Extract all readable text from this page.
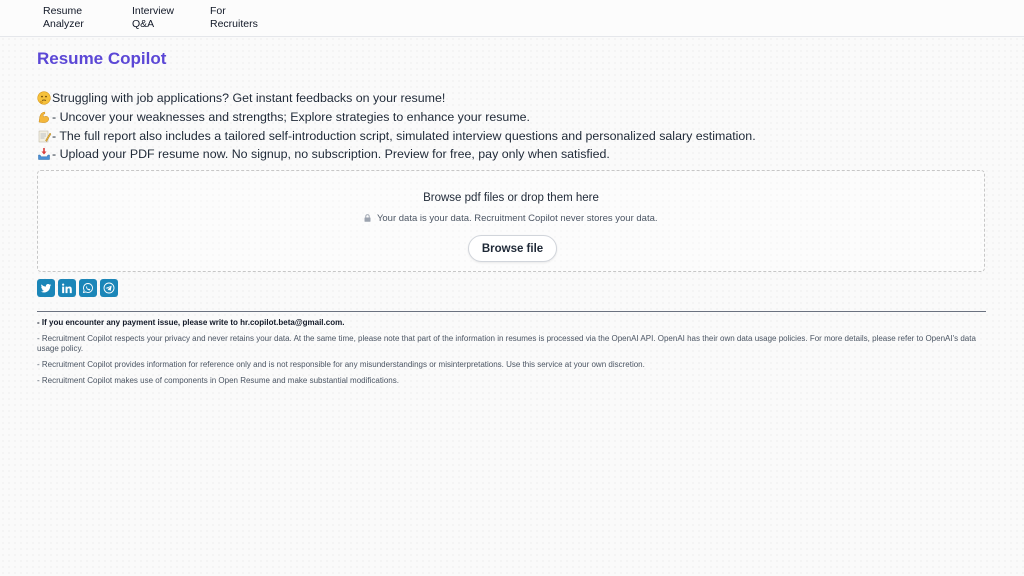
Resume
Analyzer
Interview
Q&A
For
Recruiters
Resume Copilot
Struggling with job applications? Get instant feedbacks on your resume!
- Uncover your weaknesses and strengths; Explore strategies to enhance your resume.
- The full report also includes a tailored self-introduction script, simulated interview questions and personalized salary estimation.
- Upload your PDF resume now. No signup, no subscription. Preview for free, pay only when satisfied.
Browse pdf files or drop them here
Your data is your data. Recruitment Copilot never stores your data.
Browse file

- If you encounter any payment issue, please write to hr.copilot.beta@gmail.com.

- Recruitment Copilot respects your privacy and never retains your data. At the same time, please note that part of the information in resumes is processed via the OpenAI API. OpenAI has their own data usage policies. For more details, please refer to OpenAI's data usage policy.

- Recruitment Copilot provides information for reference only and is not responsible for any misunderstandings or misinterpretations. Use this service at your own discretion.

- Recruitment Copilot makes use of components in Open Resume and make substantial modifications.
